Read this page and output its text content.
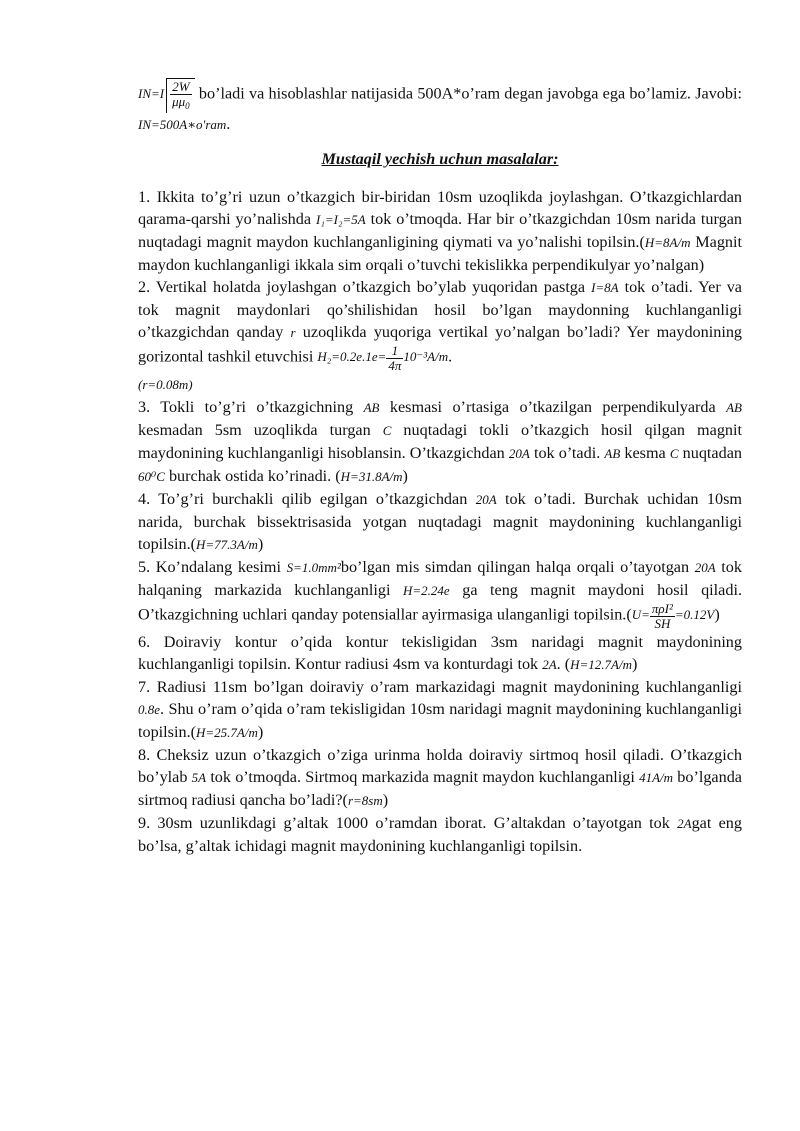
$IN=I \frac{2W}{\mu\mu_0}$ bo’ladi va hisoblashlar natijasida 500A*o’ram degan javobga ega bo’lamiz. Javobi: IN=500A∗o'ram.

Mustaqil yechish uchun masalalar:

1. Ikkita to’g’ri uzun o’tkazgich bir-biridan 10sm uzoqlikda joylashgan. O’tkazgichlardan qarama-qarshi yo’nalishda I₁=I₂=5A tok o’tmoqda. Har bir o’tkazgichdan 10sm narida turgan nuqtadagi magnit maydon kuchlanganligining qiymati va yo’nalishi topilsin.(H=8A/m Magnit maydon kuchlanganligi ikkala sim orqali o’tuvchi tekislikka perpendikulyar yo’nalgan)

2. Vertikal holatda joylashgan o’tkazgich bo’ylab yuqoridan pastga I=8A tok o’tadi. Yer va tok magnit maydonlari qo’shilishidan hosil bo’lgan maydonning kuchlanganligi o’tkazgichdan qanday r uzoqlikda yuqoriga vertikal yo’nalgan bo’ladi? Yer maydonining gorizontal tashkil etuvchisi $H_2=0.2e.1e= \frac{1}{4\pi} 10^{-3}A/m$.
(r=0.08m)

3. Tokli to’g’ri o’tkazgichning AB kesmasi o’rtasiga o’tkazilgan perpendikulyarda AB kesmadan 5sm uzoqlikda turgan C nuqtadagi tokli o’tkazgich hosil qilgan magnit maydonining kuchlanganligi hisoblansin. O’tkazgichdan 20A tok o’tadi. AB kesma C nuqtadan 60⁰C burchak ostida ko’rinadi. (H=31.8A/m)

4. To’g’ri burchakli qilib egilgan o’tkazgichdan 20A tok o’tadi. Burchak uchidan 10sm narida, burchak bissektrisasida yotgan nuqtadagi magnit maydonining kuchlanganligi topilsin.(H=77.3A/m)

5. Ko’ndalang kesimi S=1.0mm²bo’lgan mis simdan qilingan halqa orqali o’tayotgan 20A tok halqaning markazida kuchlanganligi H=2.24e ga teng magnit maydoni hosil qiladi. O’tkazgichning uchlari qanday potensiallar ayirmasiga ulanganligi topilsin.(U= $\frac{\text{πρI²}}{SH} =0.12V$)

6. Doiraviy kontur o’qida kontur tekisligidan 3sm naridagi magnit maydonining kuchlanganligi topilsin. Kontur radiusi 4sm va konturdagi tok 2A. (H=12.7A/m)

7. Radiusi 11sm bo’lgan doiraviy o’ram markazidagi magnit maydonining kuchlanganligi 0.8e. Shu o’ram o’qida o’ram tekisligidan 10sm naridagi magnit maydonining kuchlanganligi topilsin.(H=25.7A/m)

8. Cheksiz uzun o’tkazgich o’ziga urinma holda doiraviy sirtmoq hosil qiladi. O’tkazgich bo’ylab 5A tok o’tmoqda. Sirtmoq markazida magnit maydon kuchlanganligi 41A/m bo’lganda sirtmoq radiusi qancha bo’ladi?(r=8sm)

9. 30sm uzunlikdagi g’altak 1000 o’ramdan iborat. G’altakdan o’tayotgan tok 2Agat eng bo’lsa, g’altak ichidagi magnit maydonining kuchlanganligi topilsin.
